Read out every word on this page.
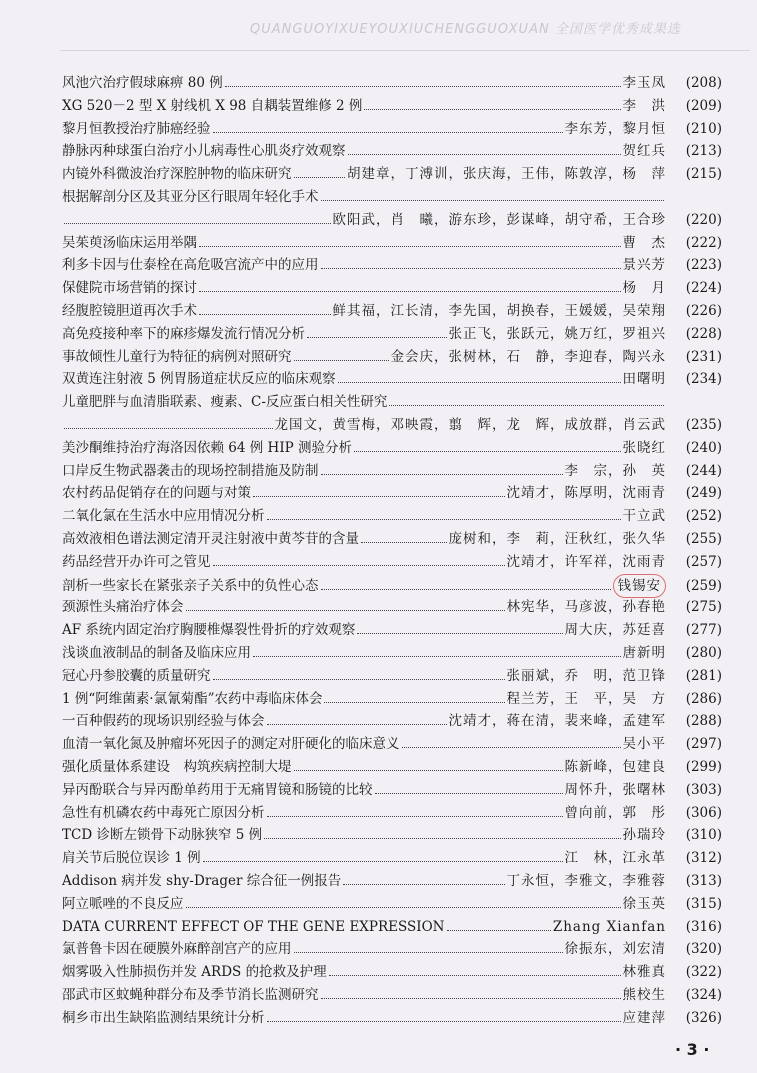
QUANGUOYIXUEYOUXIUCHENGGUOXUAN 全国医学优秀成果选
风池穴治疗假球麻痹 80 例	李玉凤	(208)
XG 520－2 型 X 射线机 X 98 自耦装置维修 2 例	李　洪	(209)
黎月恒教授治疗肺癌经验	李东芳，黎月恒	(210)
静脉丙种球蛋白治疗小儿病毒性心肌炎疗效观察	贺红兵	(213)
内镜外科微波治疗深腔肿物的临床研究	胡建章，丁溥训，张庆海，王伟，陈敦淳，杨　萍	(215)
根据解剖分区及其亚分区行眼周年轻化手术
欧阳武，肖　曦，游东珍，彭谋峰，胡守希，王合珍	(220)
吴茱萸汤临床运用举隅	曹　杰	(222)
利多卡因与仕泰栓在高危吸宫流产中的应用	景兴芳	(223)
保健院市场营销的探讨	杨　月	(224)
经腹腔镜胆道再次手术	鲜其福，江长清，李先国，胡换春，王媛媛，吴荣翔	(226)
高免疫接种率下的麻疹爆发流行情况分析	张正飞，张跃元，姚万红，罗祖兴	(228)
事故倾性儿童行为特征的病例对照研究	金会庆，张树林，石　静，李迎春，陶兴永	(231)
双黄连注射液 5 例胃肠道症状反应的临床观察	田曙明	(234)
儿童肥胖与血清脂联素、瘦素、C-反应蛋白相关性研究
龙国文，黄雪梅，邓映霞，翦　辉，龙　辉，成放群，肖云武	(235)
美沙酮维持治疗海洛因依赖 64 例 HIP 测验分析	张晓红	(240)
口岸反生物武器袭击的现场控制措施及防制	李　宗，孙　英	(244)
农村药品促销存在的问题与对策	沈靖才，陈厚明，沈雨青	(249)
二氧化氯在生活水中应用情况分析	干立武	(252)
高效液相色谱法测定清开灵注射液中黄芩苷的含量	庞树和，李　莉，汪秋红，张久华	(255)
药品经营开办许可之管见	沈靖才，许军祥，沈雨青	(257)
剖析一些家长在紧张亲子关系中的负性心态	钱锡安	(259)
颈源性头痛治疗体会	林宪华，马彦波，孙春艳	(275)
AF 系统内固定治疗胸腰椎爆裂性骨折的疗效观察	周大庆，苏廷喜	(277)
浅谈血液制品的制备及临床应用	唐新明	(280)
冠心丹参胶囊的质量研究	张丽斌，乔　明，范卫锋	(281)
1 例“阿维菌素·氯氰菊酯”农药中毒临床体会	程兰芳，王　平，吴　方	(286)
一百种假药的现场识别经验与体会	沈靖才，蒋在清，裴来峰，孟建军	(288)
血清一氧化氮及肿瘤坏死因子的测定对肝硬化的临床意义	吴小平	(297)
强化质量体系建设　构筑疾病控制大堤	陈新峰，包建良	(299)
异丙酚联合与异丙酚单药用于无痛胃镜和肠镜的比较	周怀升，张曙林	(303)
急性有机磷农药中毒死亡原因分析	曾向前，郭　彤	(306)
TCD 诊断左锁骨下动脉狭窄 5 例	孙瑞玲	(310)
肩关节后脱位误诊 1 例	江　林，江永革	(312)
Addison 病并发 shy-Drager 综合征一例报告	丁永恒，李雅文，李雅蓉	(313)
阿立哌唑的不良反应	徐玉英	(315)
DATA CURRENT EFFECT OF THE GENE EXPRESSION	Zhang Xianfan	(316)
氯普鲁卡因在硬膜外麻醉剖宫产的应用	徐振东，刘宏清	(320)
烟雾吸入性肺损伤并发 ARDS 的抢救及护理	林雅真	(322)
邵武市区蚊蝇种群分布及季节消长监测研究	熊校生	(324)
桐乡市出生缺陷监测结果统计分析	应建萍	(326)
· 3 ·
